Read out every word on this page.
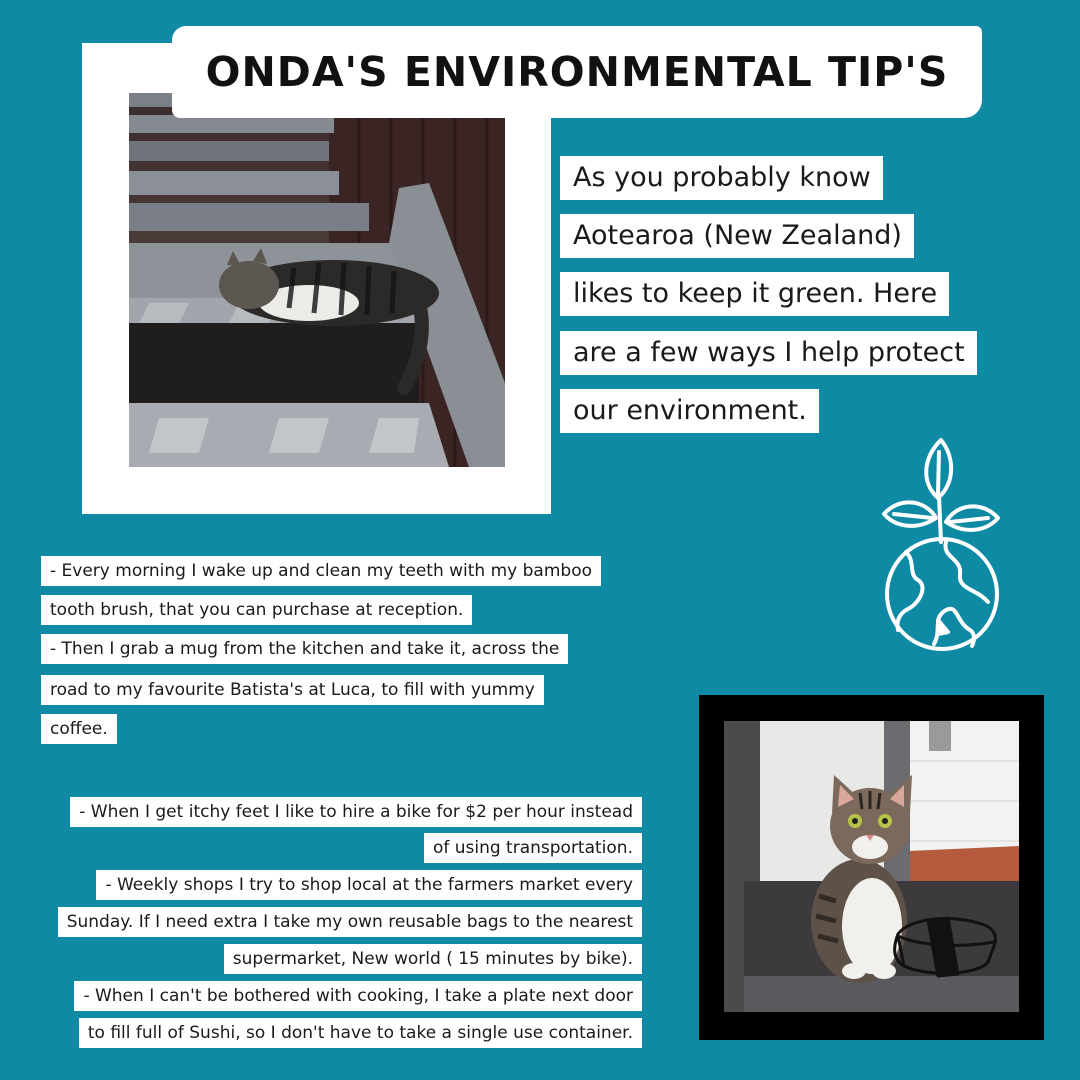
ONDA'S ENVIRONMENTAL TIP'S
As you probably know
Aotearoa (New Zealand)
likes to keep it green. Here
are a few ways I help protect
our environment.
- Every morning I wake up and clean my teeth with my bamboo
tooth brush, that you can purchase at reception.
- Then I grab a mug from the kitchen and take it, across the
road to my favourite Batista's at Luca, to fill with yummy
coffee.
- When I get itchy feet I like to hire a bike for $2 per hour instead
of using transportation.
- Weekly shops I try to shop local at the farmers market every
Sunday. If I need extra I take my own reusable bags to the nearest
supermarket, New world ( 15 minutes by bike).
- When I can't be bothered with cooking, I take a plate next door
to fill full of Sushi, so I don't have to take a single use container.
